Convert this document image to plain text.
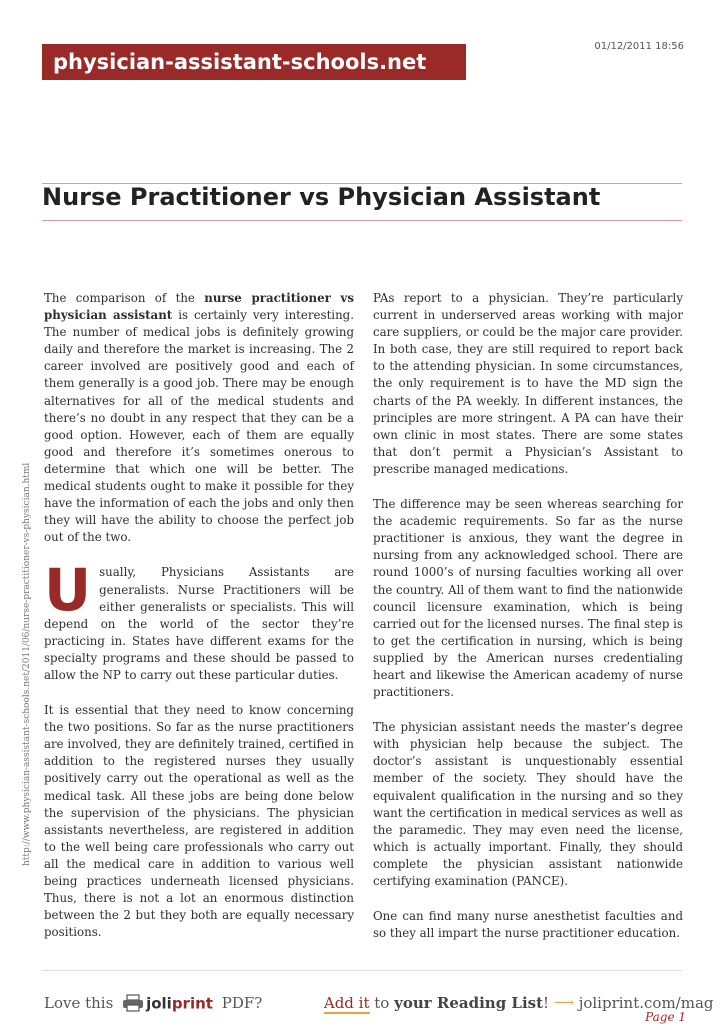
physician-assistant-schools.net
01/12/2011 18:56
Nurse Practitioner vs Physician Assistant
http://www.physician-assistant-schools.net/2011/06/nurse-practitioner-vs-physician.html

The comparison of the nurse practitioner vs physician assistant is certainly very interesting. The number of medical jobs is definitely growing daily and therefore the market is increasing. The 2 career involved are positively good and each of them generally is a good job. There may be enough alternatives for all of the medical students and there’s no doubt in any respect that they can be a good option. However, each of them are equally good and therefore it’s sometimes onerous to determine that which one will be better. The medical students ought to make it possible for they have the information of each the jobs and only then they will have the ability to choose the perfect job out of the two.

Usually, Physicians Assistants are generalists. Nurse Practitioners will be either generalists or specialists. This will depend on the world of the sector they’re practicing in. States have different exams for the specialty programs and these should be passed to allow the NP to carry out these particular duties.

It is essential that they need to know concerning the two positions. So far as the nurse practitioners are involved, they are definitely trained, certified in addition to the registered nurses they usually positively carry out the operational as well as the medical task. All these jobs are being done below the supervision of the physicians. The physician assistants nevertheless, are registered in addition to the well being care professionals who carry out all the medical care in addition to various well being practices underneath licensed physicians. Thus, there is not a lot an enormous distinction between the 2 but they both are equally necessary positions.

PAs report to a physician. They’re particularly current in underserved areas working with major care suppliers, or could be the major care provider. In both case, they are still required to report back to the attending physician. In some circumstances, the only requirement is to have the MD sign the charts of the PA weekly. In different instances, the principles are more stringent. A PA can have their own clinic in most states. There are some states that don’t permit a Physician’s Assistant to prescribe managed medications.

The difference may be seen whereas searching for the academic requirements. So far as the nurse practitioner is anxious, they want the degree in nursing from any acknowledged school. There are round 1000’s of nursing faculties working all over the country. All of them want to find the nationwide council licensure examination, which is being carried out for the licensed nurses. The final step is to get the certification in nursing, which is being supplied by the American nurses credentialing heart and likewise the American academy of nurse practitioners.

The physician assistant needs the master’s degree with physician help because the subject. The doctor’s assistant is unquestionably essential member of the society. They should have the equivalent qualification in the nursing and so they want the certification in medical services as well as the paramedic. They may even need the license, which is actually important. Finally, they should complete the physician assistant nationwide certifying examination (PANCE).

One can find many nurse anesthetist faculties and so they all impart the nurse practitioner education.

Love this joliprint PDF?	Add it to your Reading List! ⟶ joliprint.com/mag
Page 1
